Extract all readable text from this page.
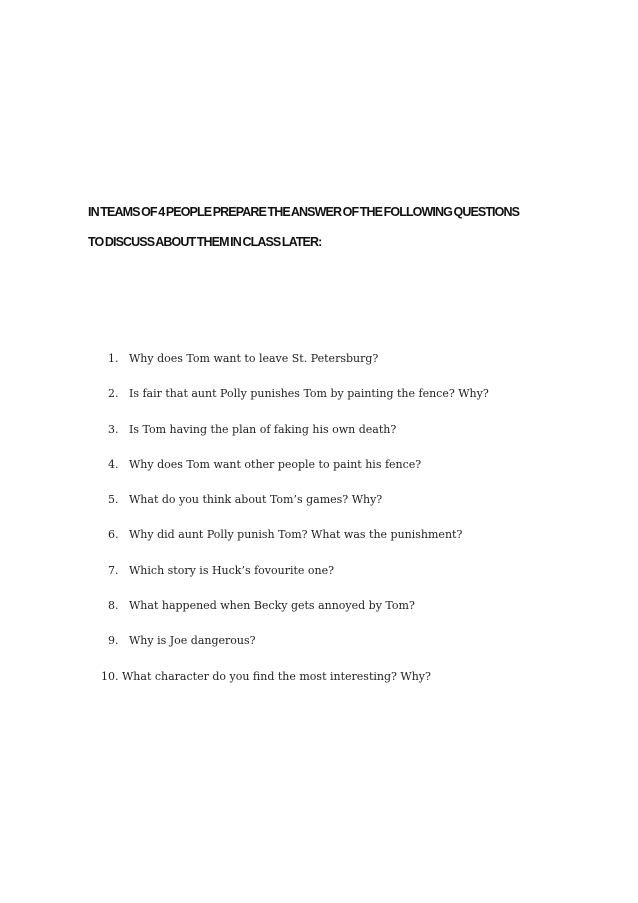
IN TEAMS OF 4 PEOPLE PREPARE THE ANSWER OF THE FOLLOWING QUESTIONS
TO DISCUSS ABOUT THEM IN CLASS LATER:
1. Why does Tom want to leave St. Petersburg?
2. Is fair that aunt Polly punishes Tom by painting the fence? Why?
3. Is Tom having the plan of faking his own death?
4. Why does Tom want other people to paint his fence?
5. What do you think about Tom’s games? Why?
6. Why did aunt Polly punish Tom? What was the punishment?
7. Which story is Huck’s fovourite one?
8. What happened when Becky gets annoyed by Tom?
9. Why is Joe dangerous?
10. What character do you find the most interesting? Why?
